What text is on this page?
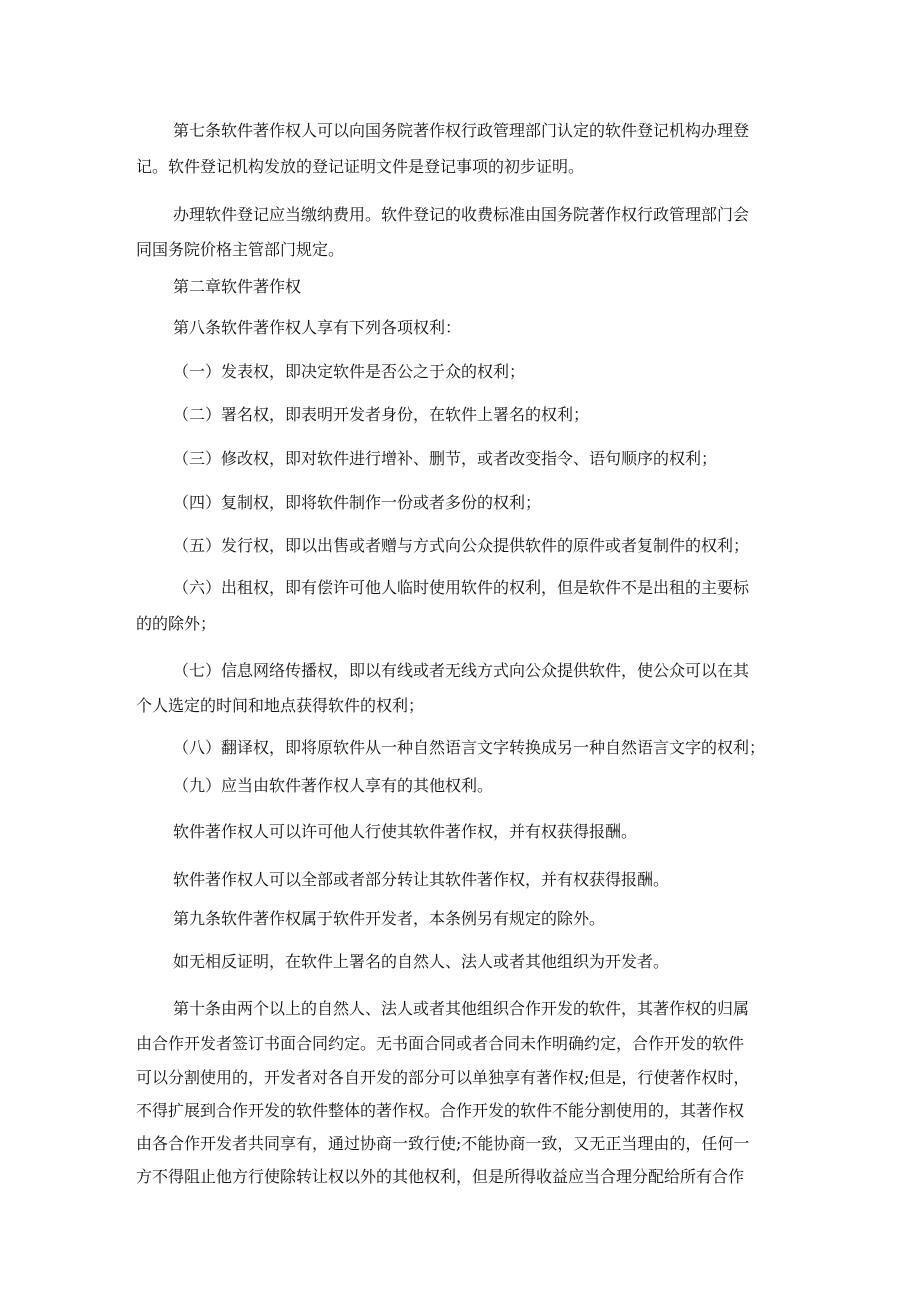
第七条软件著作权人可以向国务院著作权行政管理部门认定的软件登记机构办理登
记。软件登记机构发放的登记证明文件是登记事项的初步证明。
办理软件登记应当缴纳费用。软件登记的收费标准由国务院著作权行政管理部门会
同国务院价格主管部门规定。
第二章软件著作权
第八条软件著作权人享有下列各项权利：
（一）发表权，即决定软件是否公之于众的权利；
（二）署名权，即表明开发者身份，在软件上署名的权利；
（三）修改权，即对软件进行增补、删节，或者改变指令、语句顺序的权利；
（四）复制权，即将软件制作一份或者多份的权利；
（五）发行权，即以出售或者赠与方式向公众提供软件的原件或者复制件的权利；
（六）出租权，即有偿许可他人临时使用软件的权利，但是软件不是出租的主要标
的的除外；
（七）信息网络传播权，即以有线或者无线方式向公众提供软件，使公众可以在其
个人选定的时间和地点获得软件的权利；
（八）翻译权，即将原软件从一种自然语言文字转换成另一种自然语言文字的权利；
（九）应当由软件著作权人享有的其他权利。
软件著作权人可以许可他人行使其软件著作权，并有权获得报酬。
软件著作权人可以全部或者部分转让其软件著作权，并有权获得报酬。
第九条软件著作权属于软件开发者，本条例另有规定的除外。
如无相反证明，在软件上署名的自然人、法人或者其他组织为开发者。
第十条由两个以上的自然人、法人或者其他组织合作开发的软件，其著作权的归属
由合作开发者签订书面合同约定。无书面合同或者合同未作明确约定，合作开发的软件
可以分割使用的，开发者对各自开发的部分可以单独享有著作权;但是，行使著作权时，
不得扩展到合作开发的软件整体的著作权。合作开发的软件不能分割使用的，其著作权
由各合作开发者共同享有，通过协商一致行使;不能协商一致，又无正当理由的，任何一
方不得阻止他方行使除转让权以外的其他权利，但是所得收益应当合理分配给所有合作
